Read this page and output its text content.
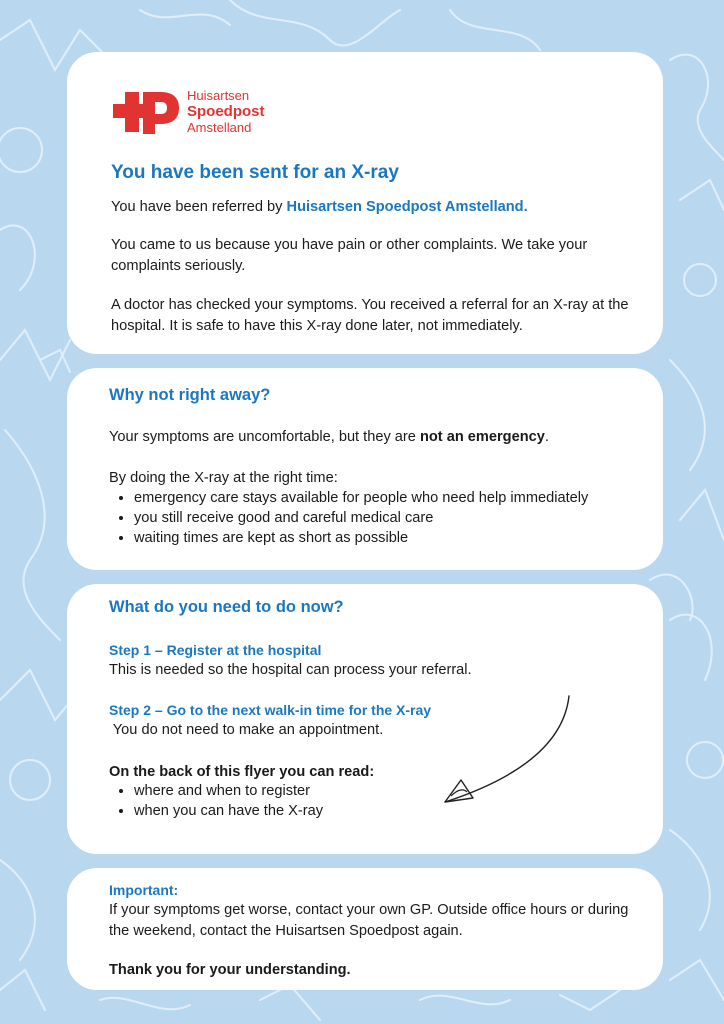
Huisartsen
Spoedpost
Amstelland
You have been sent for an X-ray

You have been referred by Huisartsen Spoedpost Amstelland.

You came to us because you have pain or other complaints. We take your complaints seriously.

A doctor has checked your symptoms. You received a referral for an X-ray at the hospital. It is safe to have this X-ray done later, not immediately.

Why not right away?

Your symptoms are uncomfortable, but they are not an emergency.

By doing the X-ray at the right time:

• emergency care stays available for people who need help immediately
• you still receive good and careful medical care
• waiting times are kept as short as possible
What do you need to do now?
Step 1 – Register at the hospital

This is needed so the hospital can process your referral.

Step 2 – Go to the next walk-in time for the X-ray

You do not need to make an appointment.

On the back of this flyer you can read:

• where and when to register
• when you can have the X-ray
Important:

If your symptoms get worse, contact your own GP. Outside office hours or during the weekend, contact the Huisartsen Spoedpost again.

Thank you for your understanding.
